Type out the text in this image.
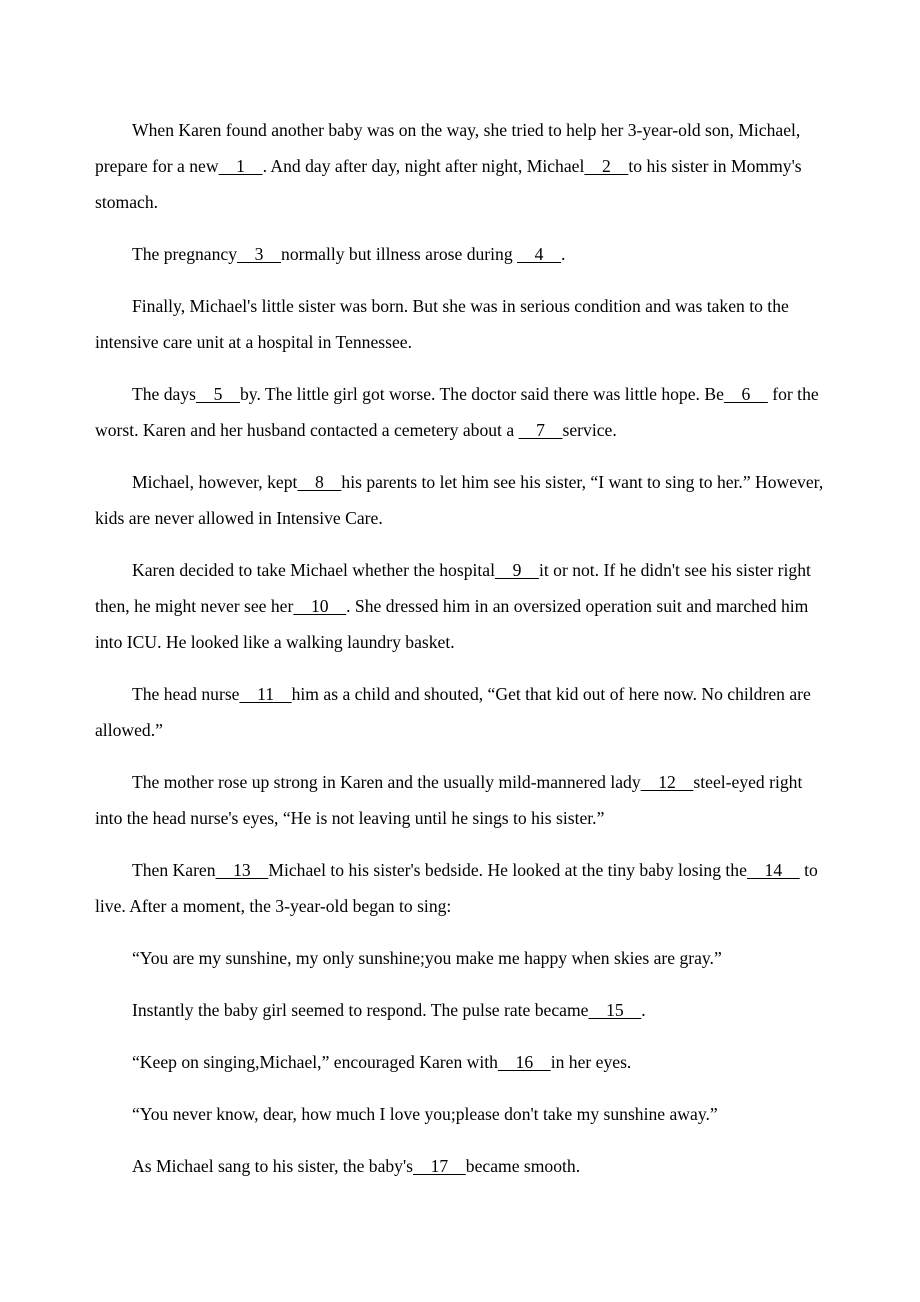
When Karen found another baby was on the way, she tried to help her 3-year-old son, Michael, prepare for a new  1  . And day after day, night after night, Michael  2  to his sister in Mommy's stomach.

The pregnancy  3  normally but illness arose during   4  .

Finally, Michael's little sister was born. But she was in serious condition and was taken to the intensive care unit at a hospital in Tennessee.

The days  5  by. The little girl got worse. The doctor said there was little hope. Be  6   for the worst. Karen and her husband contacted a cemetery about a   7  service.

Michael, however, kept  8  his parents to let him see his sister, “I want to sing to her.” However, kids are never allowed in Intensive Care.

Karen decided to take Michael whether the hospital  9  it or not. If he didn't see his sister right then, he might never see her  10  . She dressed him in an oversized operation suit and marched him into ICU. He looked like a walking laundry basket.

The head nurse  11  him as a child and shouted, “Get that kid out of here now. No children are allowed.”

The mother rose up strong in Karen and the usually mild-mannered lady  12  steel-eyed right into the head nurse's eyes, “He is not leaving until he sings to his sister.”

Then Karen  13  Michael to his sister's bedside. He looked at the tiny baby losing the  14   to live. After a moment, the 3-year-old began to sing:

“You are my sunshine, my only sunshine;you make me happy when skies are gray.”

Instantly the baby girl seemed to respond. The pulse rate became  15  .

“Keep on singing,Michael,” encouraged Karen with  16  in her eyes.

“You never know, dear, how much I love you;please don't take my sunshine away.”

As Michael sang to his sister, the baby's  17  became smooth.
